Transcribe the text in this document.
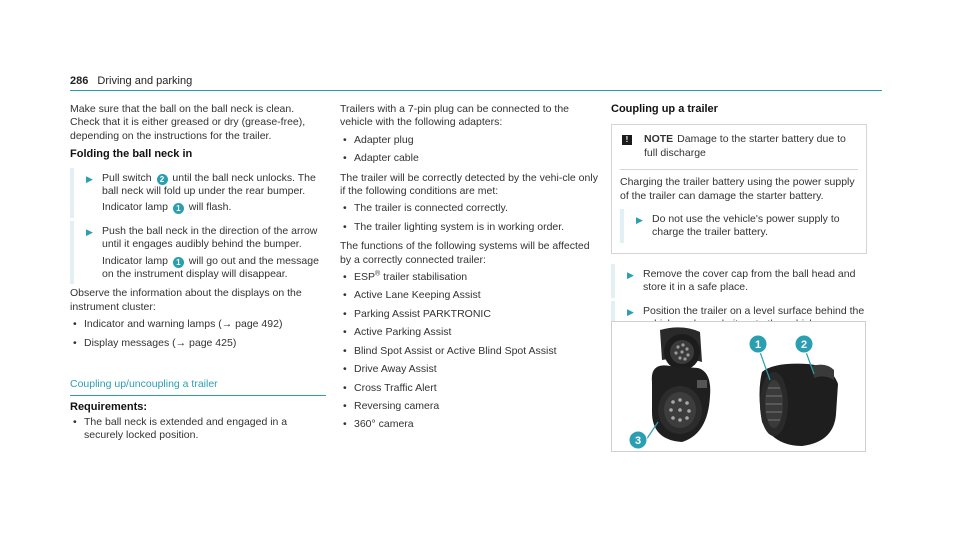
286 Driving and parking

Make sure that the ball on the ball neck is clean. Check that it is either greased or dry (grease-free), depending on the instructions for the trailer.

Folding the ball neck in
▶ Pull switch 2 until the ball neck unlocks. The ball neck will fold up under the rear bumper.

Indicator lamp 1 will flash.

▶ Push the ball neck in the direction of the arrow until it engages audibly behind the bumper.

Indicator lamp 1 will go out and the message on the instrument display will disappear.

Observe the information about the displays on the instrument cluster:

• Indicator and warning lamps (→ page 492)
• Display messages (→ page 425)
Coupling up/uncoupling a trailer
Requirements:
• The ball neck is extended and engaged in a securely locked position.

Trailers with a 7-pin plug can be connected to the vehicle with the following adapters:

• Adapter plug
• Adapter cable

The trailer will be correctly detected by the vehi-cle only if the following conditions are met:

• The trailer is connected correctly.
• The trailer lighting system is in working order.

The functions of the following systems will be affected by a correctly connected trailer:

• ESP® trailer stabilisation
• Active Lane Keeping Assist
• Parking Assist PARKTRONIC
• Active Parking Assist
• Blind Spot Assist or Active Blind Spot Assist
• Drive Away Assist
• Cross Traffic Alert
• Reversing camera
• 360° camera
Coupling up a trailer
!	NOTE Damage to the starter battery due to full discharge

Charging the trailer battery using the power supply of the trailer can damage the starter battery.

▶ Do not use the vehicle's power supply to charge the trailer battery.

▶ Remove the cover cap from the ball head and store it in a safe place.

▶ Position the trailer on a level surface behind the

1	2
3
